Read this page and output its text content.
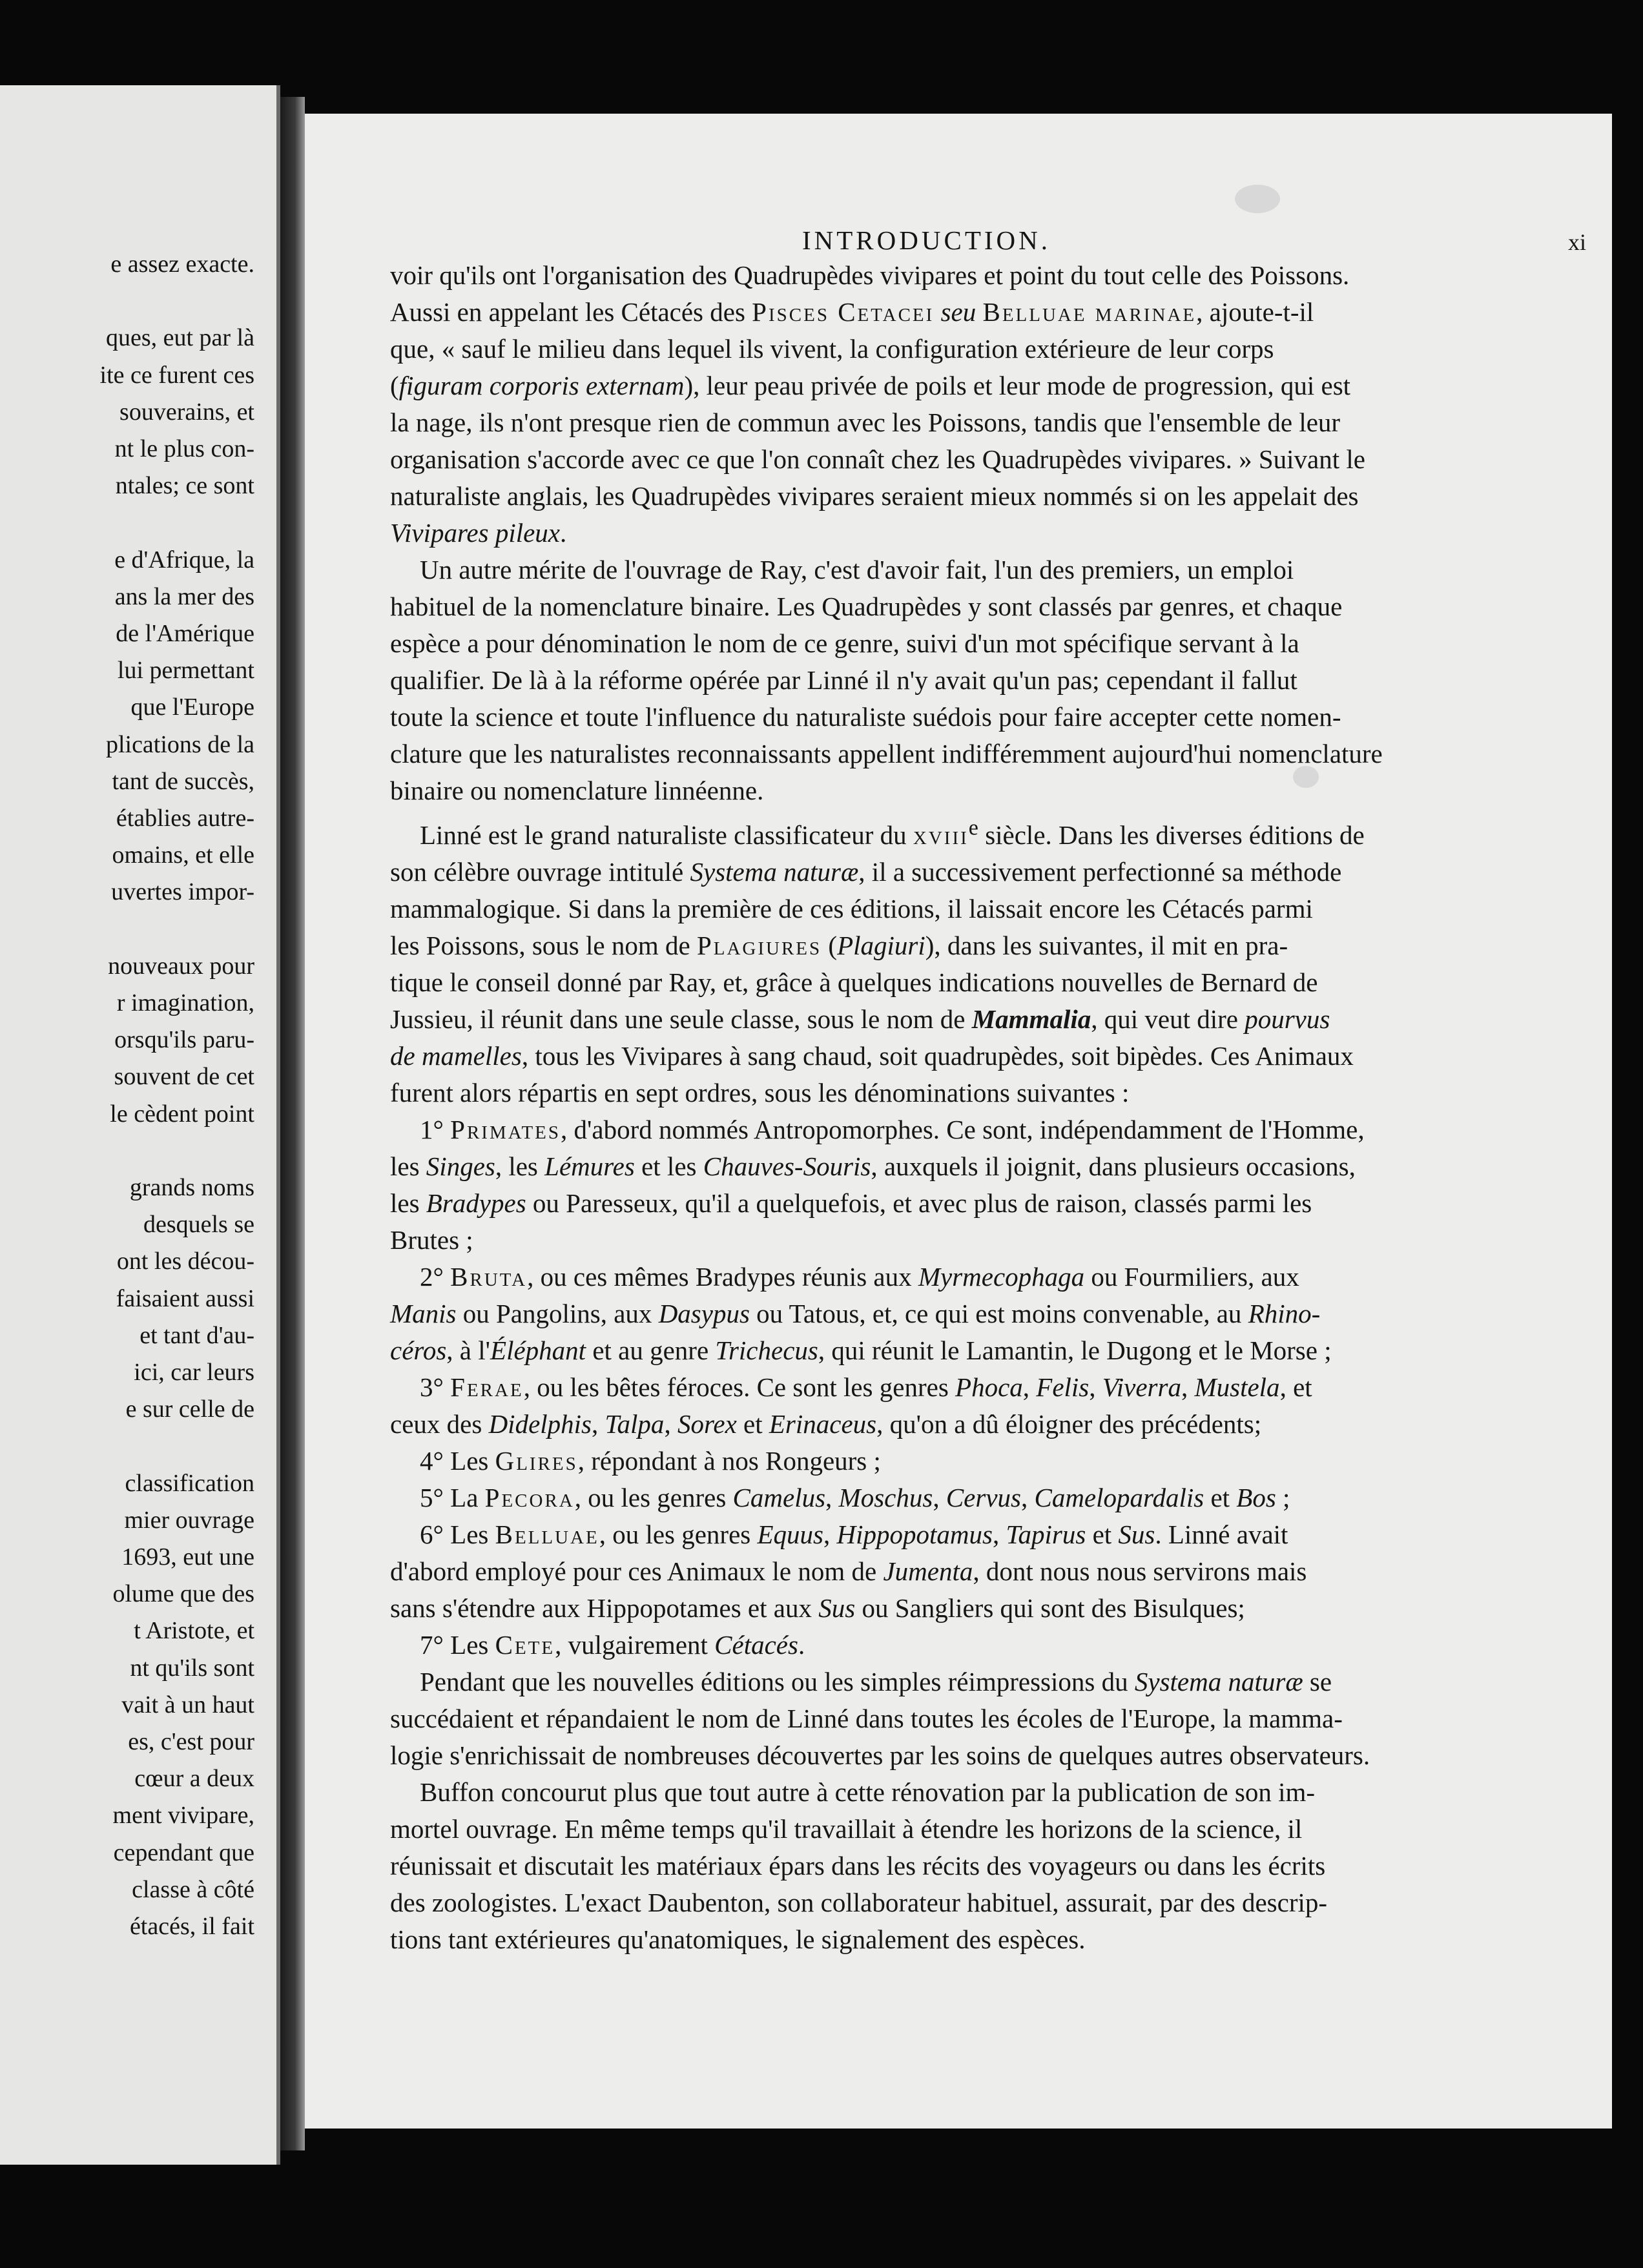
e assez exacte.
ques, eut par là
ite ce furent ces
souverains, et
nt le plus con-
ntales; ce sont
e d'Afrique, la
ans la mer des
de l'Amérique
lui permettant
que l'Europe
plications de la
tant de succès,
établies autre-
omains, et elle
uvertes impor-
nouveaux pour
r imagination,
orsqu'ils paru-
souvent de cet
le cèdent point
grands noms
desquels se
ont les décou-
faisaient aussi
et tant d'au-
ici, car leurs
e sur celle de
classification
mier ouvrage
1693, eut une
olume que des
t Aristote, et
nt qu'ils sont
vait à un haut
es, c'est pour
cœur a deux
ment vivipare,
cependant que
classe à côté
étacés, il fait
INTRODUCTION.	xi

voir qu'ils ont l'organisation des Quadrupèdes vivipares et point du tout celle des Poissons.
Aussi en appelant les Cétacés des Pisces Cetacei seu Belluae marinae, ajoute-t-il
que, « sauf le milieu dans lequel ils vivent, la configuration extérieure de leur corps
(figuram corporis externam), leur peau privée de poils et leur mode de progression, qui est
la nage, ils n'ont presque rien de commun avec les Poissons, tandis que l'ensemble de leur
organisation s'accorde avec ce que l'on connaît chez les Quadrupèdes vivipares. » Suivant le
naturaliste anglais, les Quadrupèdes vivipares seraient mieux nommés si on les appelait des
Vivipares pileux.

Un autre mérite de l'ouvrage de Ray, c'est d'avoir fait, l'un des premiers, un emploi
habituel de la nomenclature binaire. Les Quadrupèdes y sont classés par genres, et chaque
espèce a pour dénomination le nom de ce genre, suivi d'un mot spécifique servant à la
qualifier. De là à la réforme opérée par Linné il n'y avait qu'un pas; cependant il fallut
toute la science et toute l'influence du naturaliste suédois pour faire accepter cette nomen-
clature que les naturalistes reconnaissants appellent indifféremment aujourd'hui nomenclature
binaire ou nomenclature linnéenne.

Linné est le grand naturaliste classificateur du xviii$^e$ siècle. Dans les diverses éditions de
son célèbre ouvrage intitulé Systema naturæ, il a successivement perfectionné sa méthode
mammalogique. Si dans la première de ces éditions, il laissait encore les Cétacés parmi
les Poissons, sous le nom de Plagiures (Plagiuri), dans les suivantes, il mit en pra-
tique le conseil donné par Ray, et, grâce à quelques indications nouvelles de Bernard de
Jussieu, il réunit dans une seule classe, sous le nom de Mammalia, qui veut dire pourvus
de mamelles, tous les Vivipares à sang chaud, soit quadrupèdes, soit bipèdes. Ces Animaux
furent alors répartis en sept ordres, sous les dénominations suivantes :

1° Primates, d'abord nommés Antropomorphes. Ce sont, indépendamment de l'Homme,
les Singes, les Lémures et les Chauves-Souris, auxquels il joignit, dans plusieurs occasions,
les Bradypes ou Paresseux, qu'il a quelquefois, et avec plus de raison, classés parmi les
Brutes ;

2° Bruta, ou ces mêmes Bradypes réunis aux Myrmecophaga ou Fourmiliers, aux
Manis ou Pangolins, aux Dasypus ou Tatous, et, ce qui est moins convenable, au Rhino-
céros, à l'Éléphant et au genre Trichecus, qui réunit le Lamantin, le Dugong et le Morse ;

3° Ferae, ou les bêtes féroces. Ce sont les genres Phoca, Felis, Viverra, Mustela, et
ceux des Didelphis, Talpa, Sorex et Erinaceus, qu'on a dû éloigner des précédents;

4° Les Glires, répondant à nos Rongeurs ;

5° La Pecora, ou les genres Camelus, Moschus, Cervus, Camelopardalis et Bos ;

6° Les Belluae, ou les genres Equus, Hippopotamus, Tapirus et Sus. Linné avait
d'abord employé pour ces Animaux le nom de Jumenta, dont nous nous servirons mais
sans s'étendre aux Hippopotames et aux Sus ou Sangliers qui sont des Bisulques;

7° Les Cete, vulgairement Cétacés.

Pendant que les nouvelles éditions ou les simples réimpressions du Systema naturæ se
succédaient et répandaient le nom de Linné dans toutes les écoles de l'Europe, la mamma-
logie s'enrichissait de nombreuses découvertes par les soins de quelques autres observateurs.

Buffon concourut plus que tout autre à cette rénovation par la publication de son im-
mortel ouvrage. En même temps qu'il travaillait à étendre les horizons de la science, il
réunissait et discutait les matériaux épars dans les récits des voyageurs ou dans les écrits
des zoologistes. L'exact Daubenton, son collaborateur habituel, assurait, par des descrip-
tions tant extérieures qu'anatomiques, le signalement des espèces.
